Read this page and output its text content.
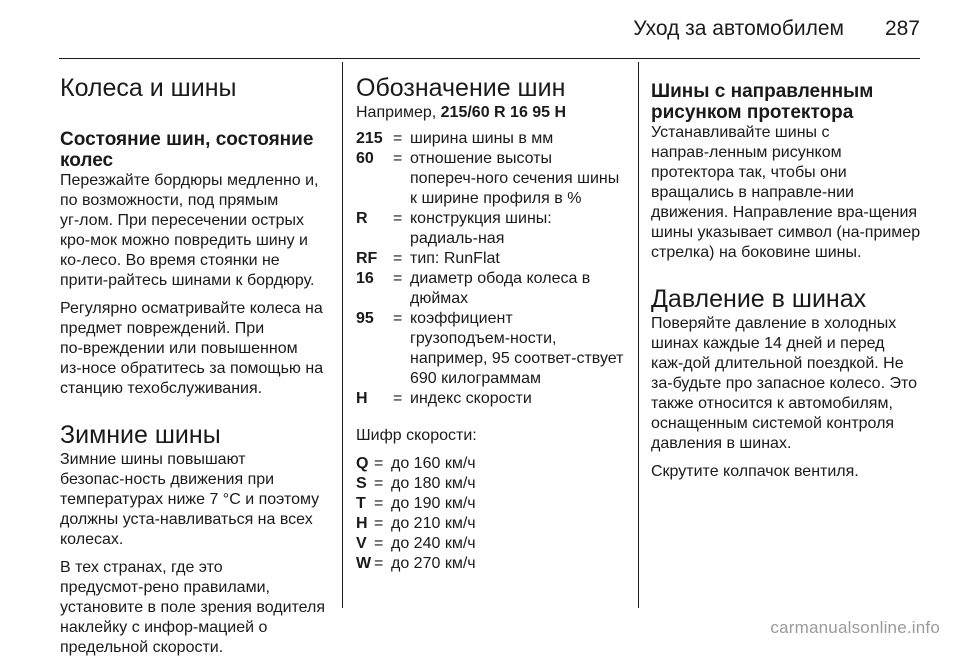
Уход за автомобилем 287
Колеса и шины
Состояние шин, состояние колес

Перезжайте бордюры медленно и, по возможности, под прямым уг‑лом. При пересечении острых кро‑мок можно повредить шину и ко‑лесо. Во время стоянки не прити‑райтесь шинами к бордюру.

Регулярно осматривайте колеса на предмет повреждений. При по‑вреждении или повышенном из‑носе обратитесь за помощью на станцию техобслуживания.

Зимние шины

Зимние шины повышают безопас‑ность движения при температурах ниже 7 °C и поэтому должны уста‑навливаться на всех колесах.

В тех странах, где это предусмот‑рено правилами, установите в поле зрения водителя наклейку с инфор‑мацией о предельной скорости.

Обозначение шин
Например, 215/60 R 16 95 H
215 = ширина шины в мм
60	= отношение высоты попереч‑ного сечения шины к ширине профиля в %
R	= конструкция шины: радиаль‑ная
RF = тип: RunFlat
16	= диаметр обода колеса в дюймах
95	= коэффициент грузоподъем‑ности, например, 95 соответ‑ствует 690 килограммам
H	= индекс скорости

Шифр скорости:

Q = до 160 км/ч
S = до 180 км/ч
T = до 190 км/ч
H = до 210 км/ч
V = до 240 км/ч
W = до 270 км/ч
Шины с направленным рисунком протектора

Устанавливайте шины с направ‑ленным рисунком протектора так, чтобы они вращались в направле‑нии движения. Направление вра‑щения шины указывает символ (на‑пример стрелка) на боковине шины.

Давление в шинах

Поверяйте давление в холодных шинах каждые 14 дней и перед каж‑дой длительной поездкой. Не за‑будьте про запасное колесо. Это также относится к автомобилям, оснащенным системой контроля давления в шинах.

Скрутите колпачок вентиля.

carmanualsonline.info
